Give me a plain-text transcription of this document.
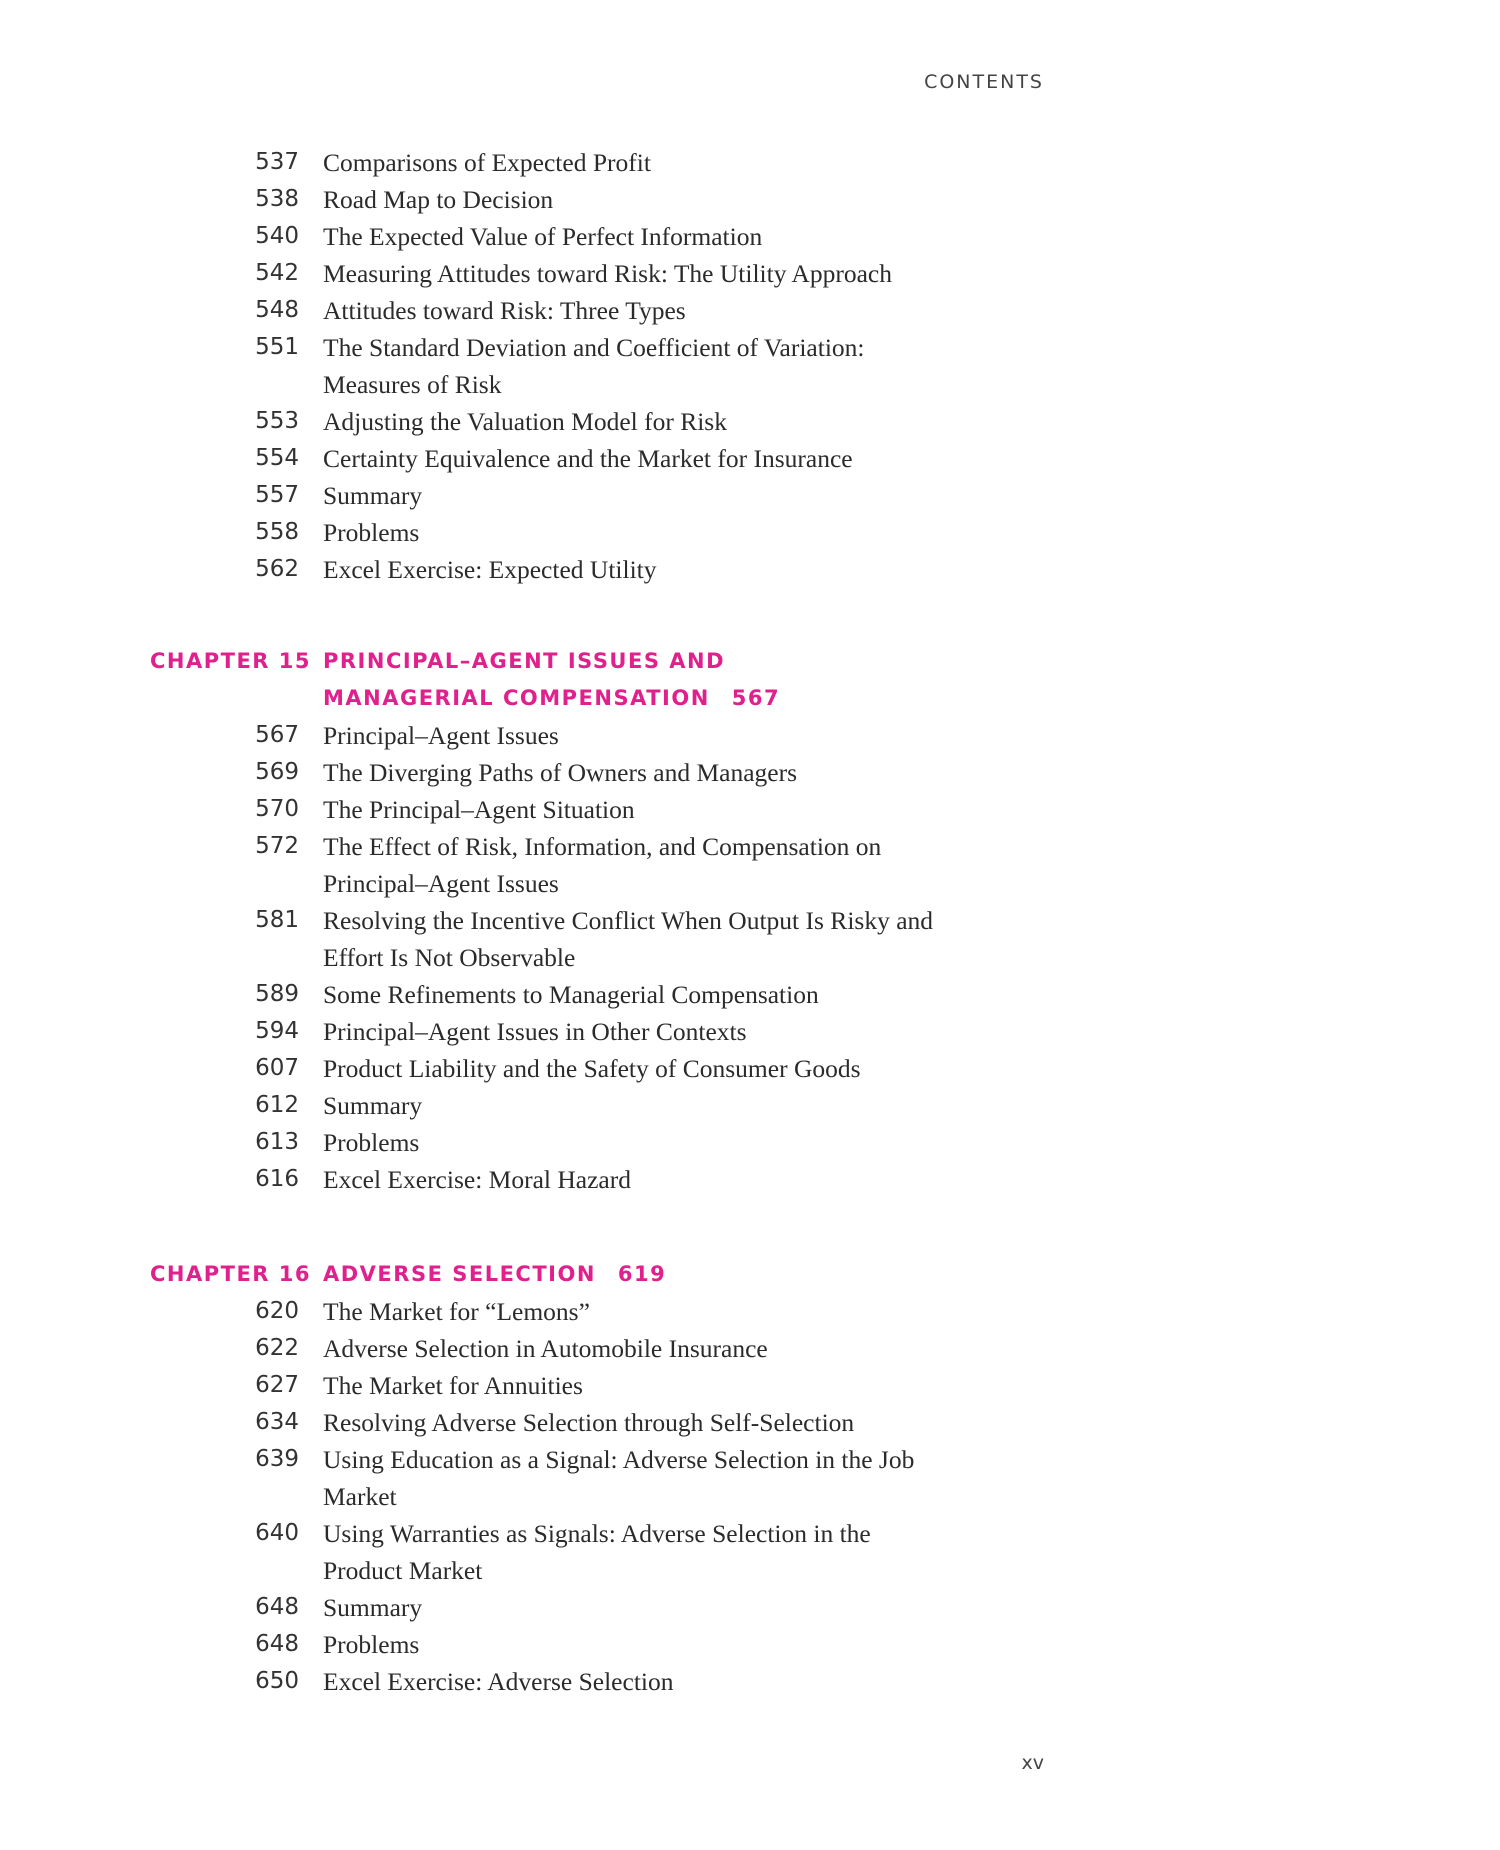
CONTENTS
537 Comparisons of Expected Profit
538 Road Map to Decision
540 The Expected Value of Perfect Information
542 Measuring Attitudes toward Risk: The Utility Approach
548 Attitudes toward Risk: Three Types
551 The Standard Deviation and Coefficient of Variation: Measures of Risk
553 Adjusting the Valuation Model for Risk
554 Certainty Equivalence and the Market for Insurance
557 Summary
558 Problems
562 Excel Exercise: Expected Utility
CHAPTER 15 PRINCIPAL–AGENT ISSUES AND MANAGERIAL COMPENSATION 567
567 Principal–Agent Issues
569 The Diverging Paths of Owners and Managers
570 The Principal–Agent Situation
572 The Effect of Risk, Information, and Compensation on Principal–Agent Issues
581 Resolving the Incentive Conflict When Output Is Risky and Effort Is Not Observable
589 Some Refinements to Managerial Compensation
594 Principal–Agent Issues in Other Contexts
607 Product Liability and the Safety of Consumer Goods
612 Summary
613 Problems
616 Excel Exercise: Moral Hazard
CHAPTER 16 ADVERSE SELECTION 619
620 The Market for “Lemons”
622 Adverse Selection in Automobile Insurance
627 The Market for Annuities
634 Resolving Adverse Selection through Self-Selection
639 Using Education as a Signal: Adverse Selection in the Job Market
640 Using Warranties as Signals: Adverse Selection in the Product Market
648 Summary
648 Problems
650 Excel Exercise: Adverse Selection
xv
